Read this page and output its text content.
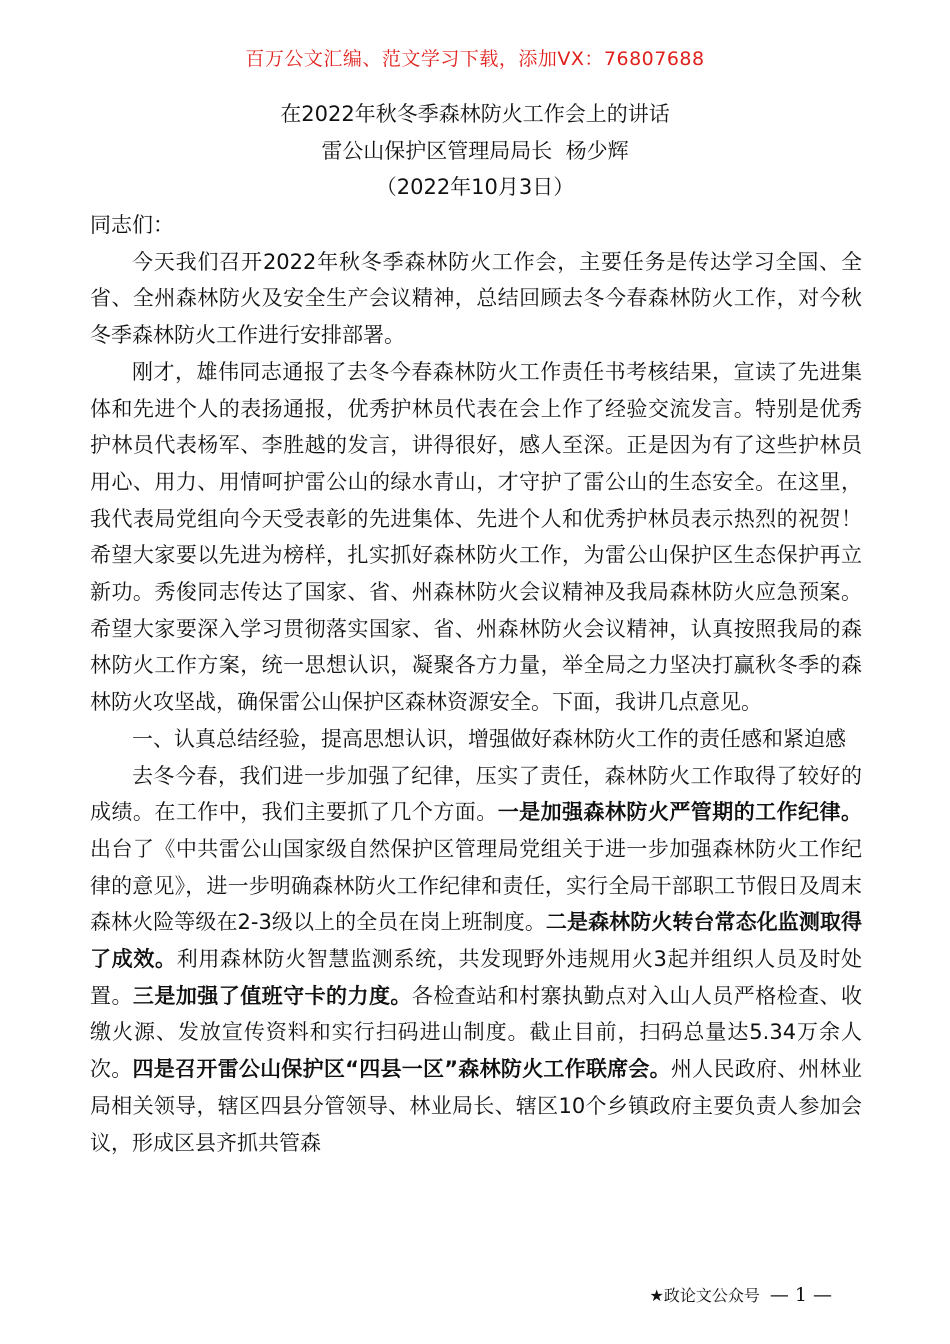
百万公文汇编、范文学习下载，添加VX：76807688
在2022年秋冬季森林防火工作会上的讲话
雷公山保护区管理局局长  杨少辉
（2022年10月3日）

同志们：

今天我们召开2022年秋冬季森林防火工作会，主要任务是传达学习全国、全省、全州森林防火及安全生产会议精神，总结回顾去冬今春森林防火工作，对今秋冬季森林防火工作进行安排部署。

刚才，雄伟同志通报了去冬今春森林防火工作责任书考核结果，宣读了先进集体和先进个人的表扬通报，优秀护林员代表在会上作了经验交流发言。特别是优秀护林员代表杨军、李胜越的发言，讲得很好，感人至深。正是因为有了这些护林员用心、用力、用情呵护雷公山的绿水青山，才守护了雷公山的生态安全。在这里，我代表局党组向今天受表彰的先进集体、先进个人和优秀护林员表示热烈的祝贺！希望大家要以先进为榜样，扎实抓好森林防火工作，为雷公山保护区生态保护再立新功。秀俊同志传达了国家、省、州森林防火会议精神及我局森林防火应急预案。希望大家要深入学习贯彻落实国家、省、州森林防火会议精神，认真按照我局的森林防火工作方案，统一思想认识，凝聚各方力量，举全局之力坚决打赢秋冬季的森林防火攻坚战，确保雷公山保护区森林资源安全。下面，我讲几点意见。

一、认真总结经验，提高思想认识，增强做好森林防火工作的责任感和紧迫感

去冬今春，我们进一步加强了纪律，压实了责任，森林防火工作取得了较好的成绩。在工作中，我们主要抓了几个方面。一是加强森林防火严管期的工作纪律。出台了《中共雷公山国家级自然保护区管理局党组关于进一步加强森林防火工作纪律的意见》，进一步明确森林防火工作纪律和责任，实行全局干部职工节假日及周末森林火险等级在2-3级以上的全员在岗上班制度。二是森林防火转台常态化监测取得了成效。利用森林防火智慧监测系统，共发现野外违规用火3起并组织人员及时处置。三是加强了值班守卡的力度。各检查站和村寨执勤点对入山人员严格检查、收缴火源、发放宣传资料和实行扫码进山制度。截止目前，扫码总量达5.34万余人次。四是召开雷公山保护区“四县一区”森林防火工作联席会。州人民政府、州林业局相关领导，辖区四县分管领导、林业局长、辖区10个乡镇政府主要负责人参加会议，形成区县齐抓共管森

★政论文公众号 — 1 —
